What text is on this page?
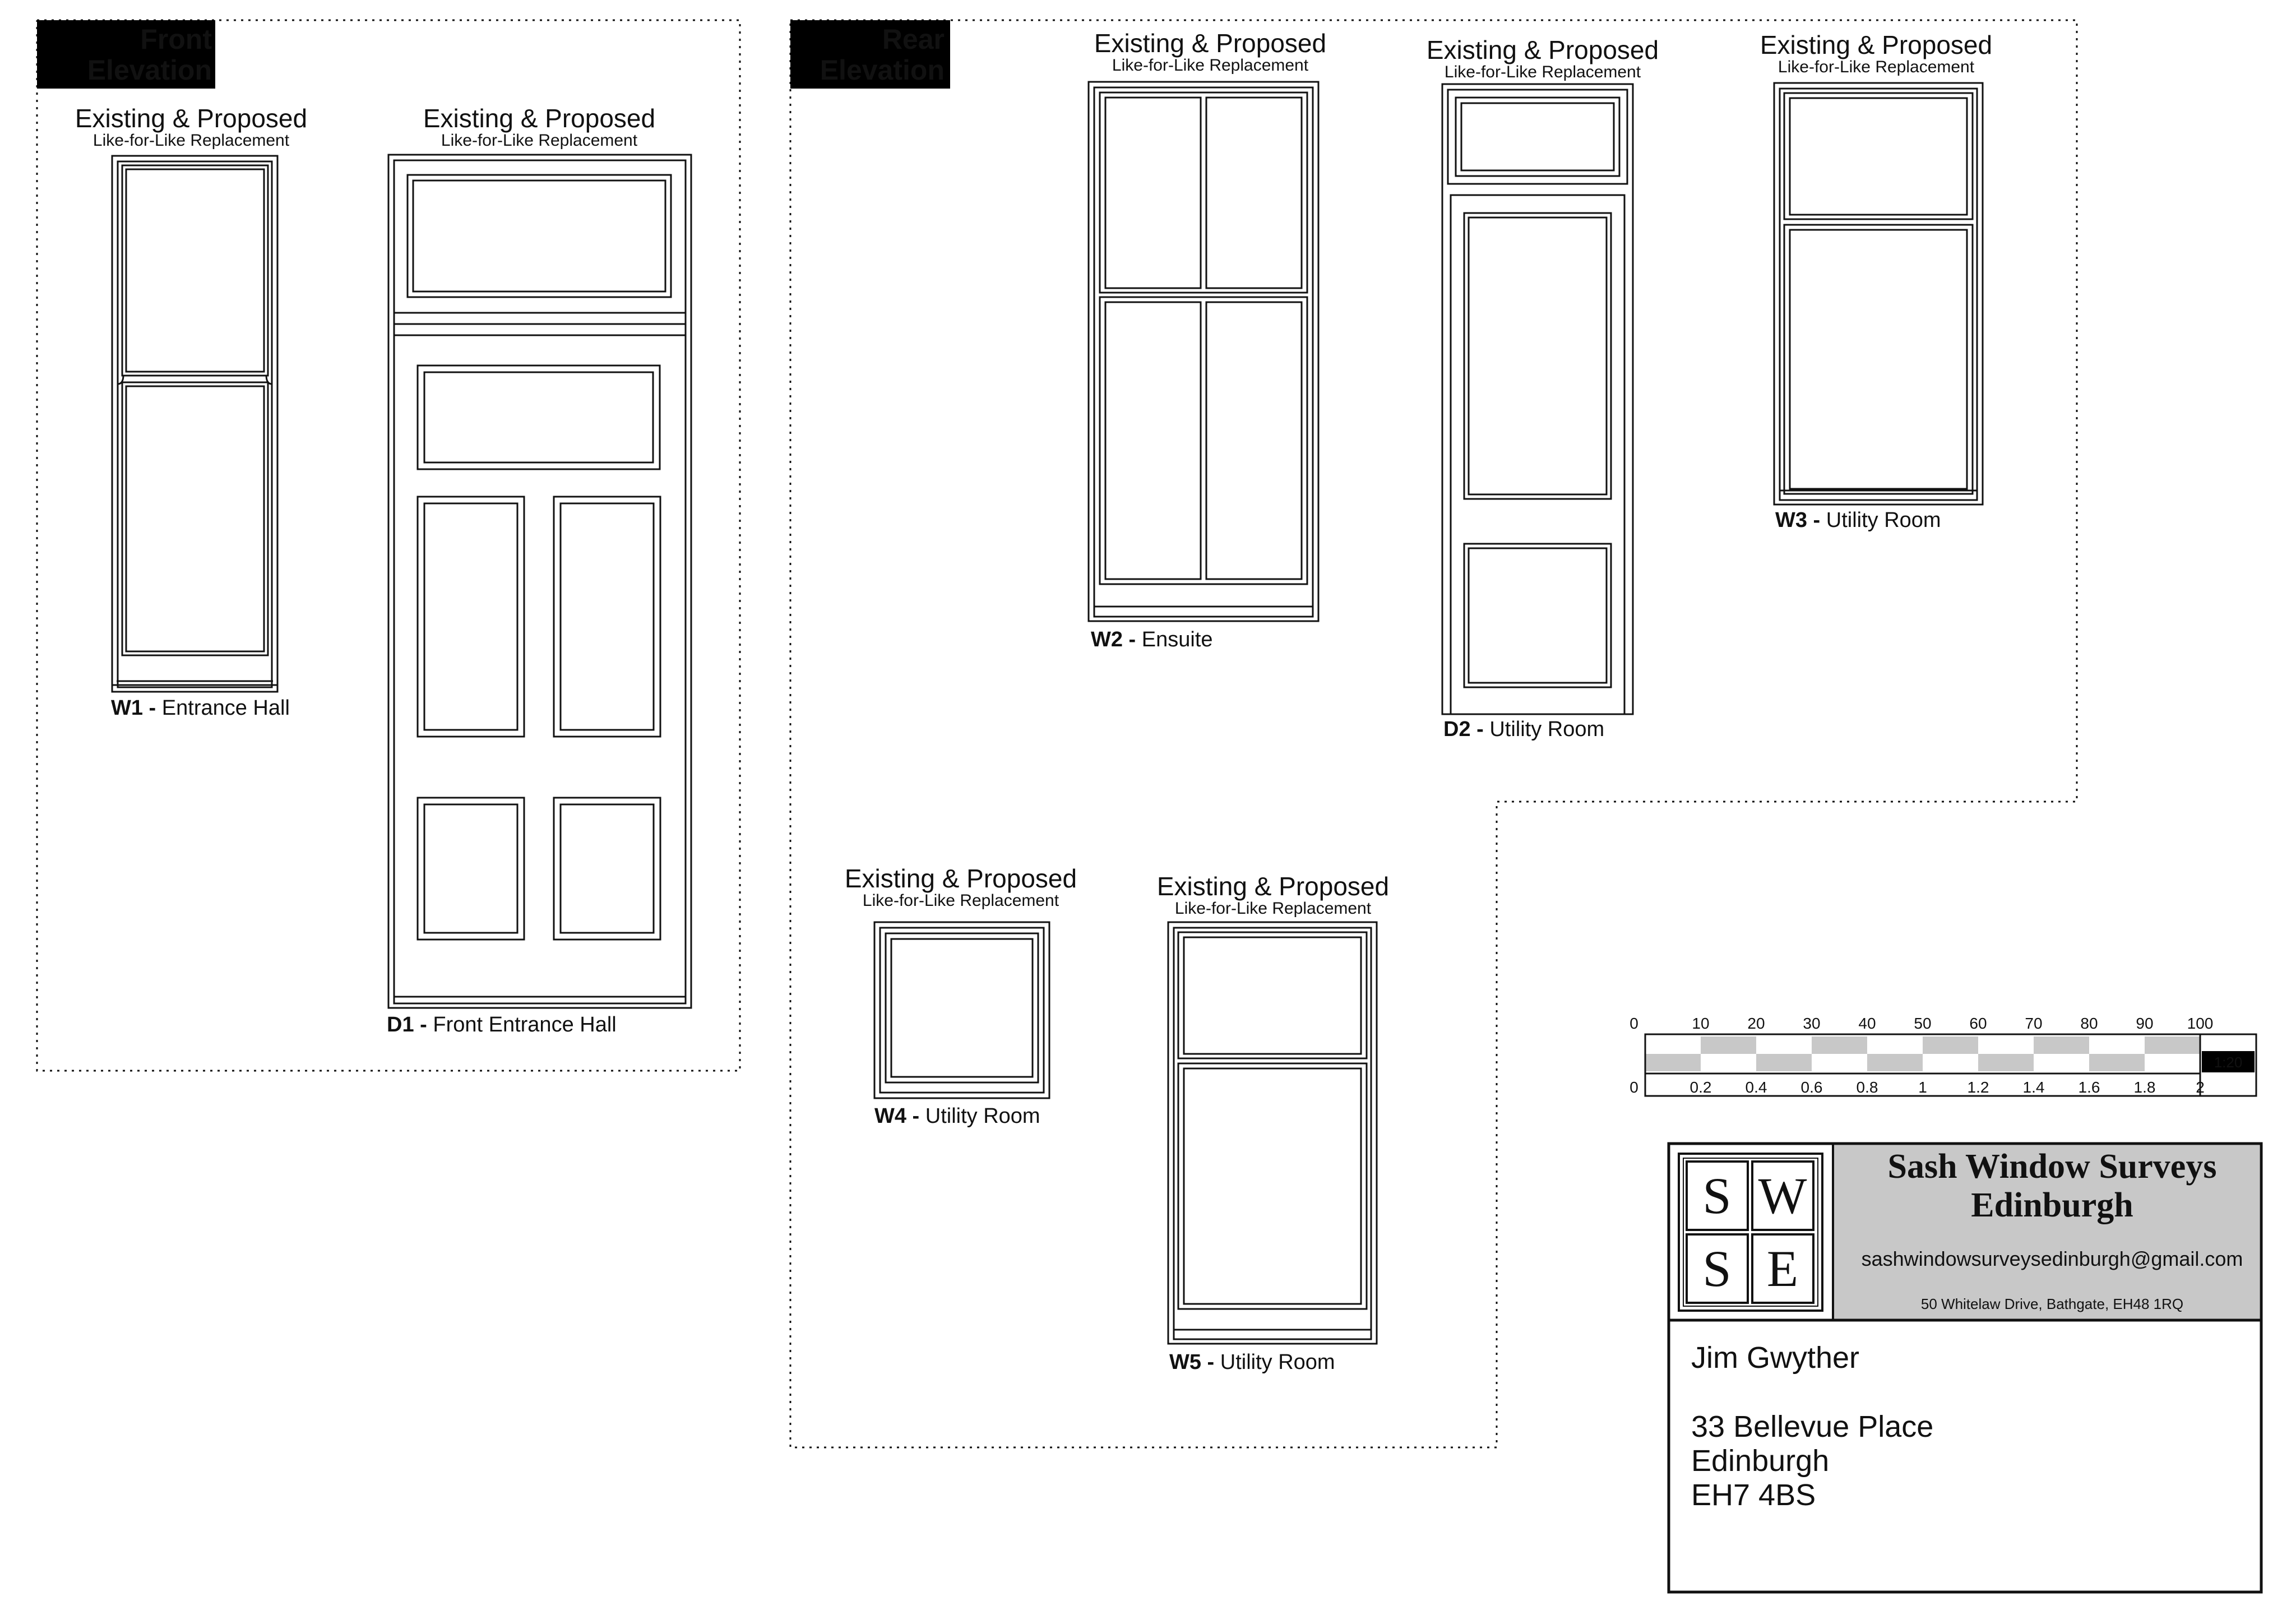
Front
Elevation
Rear
Elevation
Existing & Proposed
Like-for-Like Replacement
Existing & Proposed
Like-for-Like Replacement
Existing & Proposed
Like-for-Like Replacement
Existing & Proposed
Like-for-Like Replacement
Existing & Proposed
Like-for-Like Replacement
Existing & Proposed
Like-for-Like Replacement	Existing & Proposed
Like-for-Like Replacement
W1 - Entrance Hall
D1 - Front Entrance Hall
W2 - Ensuite
D2 - Utility Room
W3 - Utility Room
W4 - Utility Room
W5 - Utility Room
1:20
0	10 20 30 40 50 60 70 80 90 100
0	0.2 0.4 0.6 0.8	1	1.2 1.4 1.6 1.8	2
S W
S E
Sash Window Surveys
Edinburgh
sashwindowsurveysedinburgh@gmail.com
50 Whitelaw Drive, Bathgate, EH48 1RQ
Jim Gwyther
33 Bellevue Place
Edinburgh
EH7 4BS
